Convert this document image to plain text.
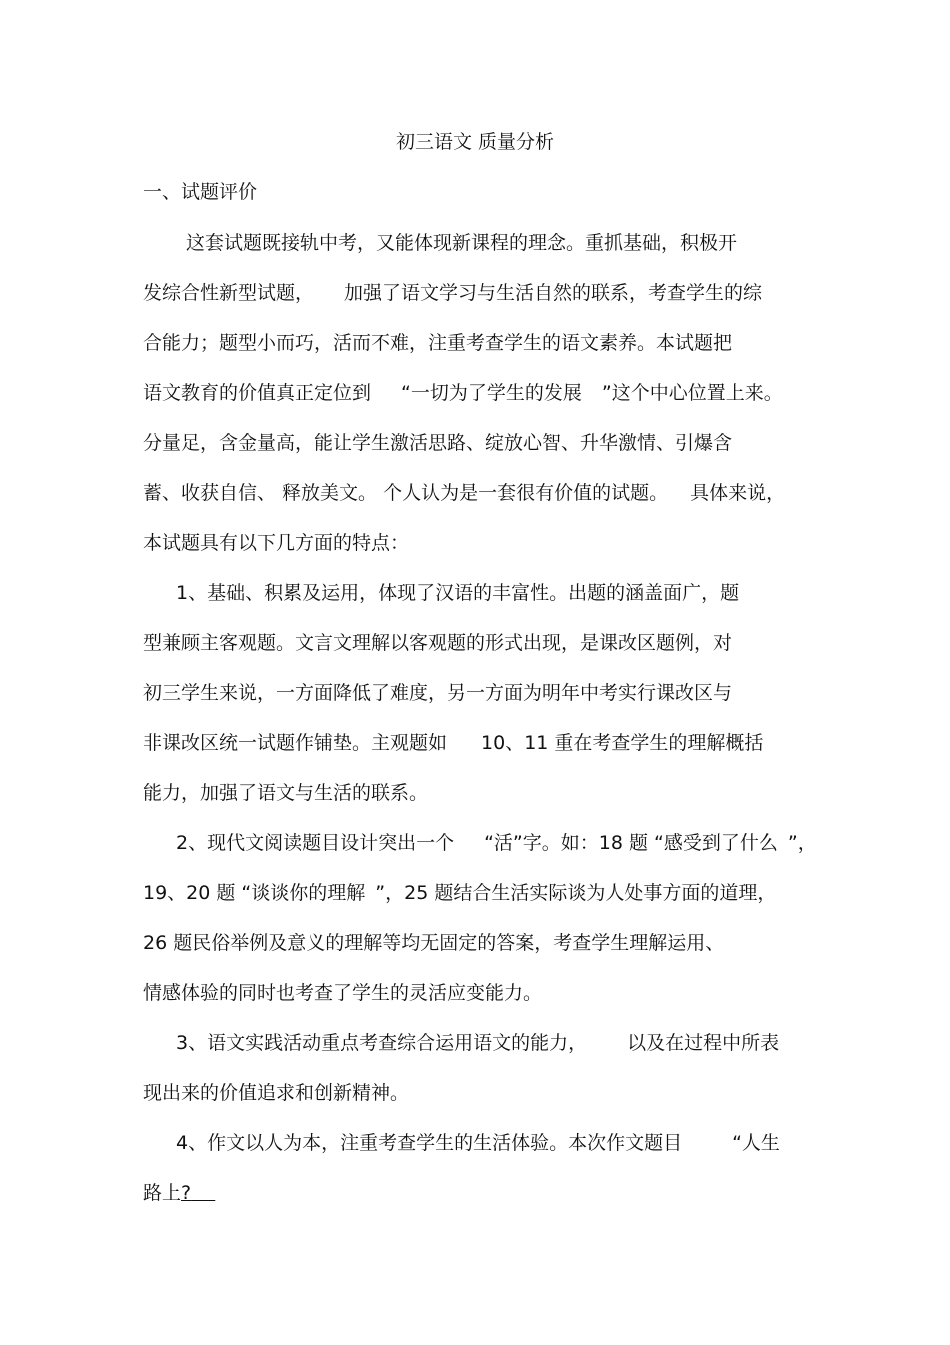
初三语文 质量分析
一、试题评价
这套试题既接轨中考，又能体现新课程的理念。重抓基础，积极开
发综合性新型试题， 加强了语文学习与生活自然的联系，考查学生的综
合能力；题型小而巧，活而不难，注重考查学生的语文素养。本试题把
语文教育的价值真正定位到 “一切为了学生的发展 ”这个中心位置上来。
分量足，含金量高，能让学生激活思路、绽放心智、升华激情、引爆含
蓄、收获自信、 释放美文。 个人认为是一套很有价值的试题。 具体来说，
本试题具有以下几方面的特点：
1、基础、积累及运用，体现了汉语的丰富性。出题的涵盖面广，题
型兼顾主客观题。文言文理解以客观题的形式出现，是课改区题例，对
初三学生来说，一方面降低了难度，另一方面为明年中考实行课改区与
非课改区统一试题作铺垫。主观题如 10、11 重在考查学生的理解概括
能力，加强了语文与生活的联系。
2、现代文阅读题目设计突出一个 “活”字。如：18 题 “感受到了什么 ”，
19、20 题 “谈谈你的理解 ”，25 题结合生活实际谈为人处事方面的道理，
26 题民俗举例及意义的理解等均无固定的答案，考查学生理解运用、
情感体验的同时也考查了学生的灵活应变能力。
3、语文实践活动重点考查综合运用语文的能力， 以及在过程中所表
现出来的价值追求和创新精神。
4、作文以人为本，注重考查学生的生活体验。本次作文题目	“人生
路上?
